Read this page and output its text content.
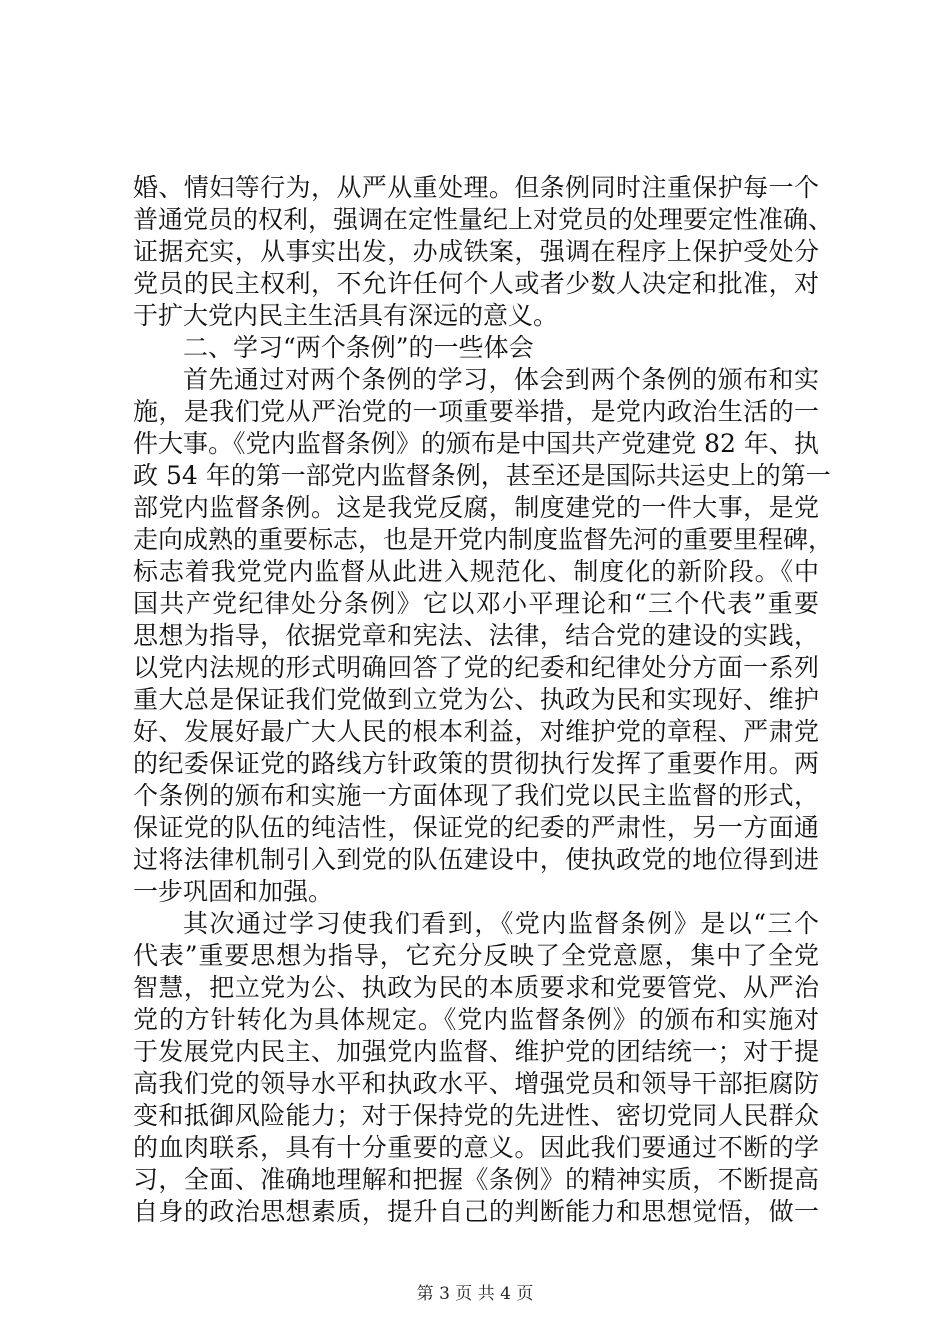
婚、情妇等行为，从严从重处理。但条例同时注重保护每一个
普通党员的权利，强调在定性量纪上对党员的处理要定性准确、
证据充实，从事实出发，办成铁案，强调在程序上保护受处分
党员的民主权利，不允许任何个人或者少数人决定和批准，对
于扩大党内民主生活具有深远的意义。
二、学习“两个条例”的一些体会
首先通过对两个条例的学习，体会到两个条例的颁布和实
施，是我们党从严治党的一项重要举措，是党内政治生活的一
件大事。《党内监督条例》的颁布是中国共产党建党 82 年、执
政 54 年的第一部党内监督条例，甚至还是国际共运史上的第一
部党内监督条例。这是我党反腐，制度建党的一件大事，是党
走向成熟的重要标志，也是开党内制度监督先河的重要里程碑，
标志着我党党内监督从此进入规范化、制度化的新阶段。《中
国共产党纪律处分条例》它以邓小平理论和“三个代表”重要
思想为指导，依据党章和宪法、法律，结合党的建设的实践，
以党内法规的形式明确回答了党的纪委和纪律处分方面一系列
重大总是保证我们党做到立党为公、执政为民和实现好、维护
好、发展好最广大人民的根本利益，对维护党的章程、严肃党
的纪委保证党的路线方针政策的贯彻执行发挥了重要作用。两
个条例的颁布和实施一方面体现了我们党以民主监督的形式，
保证党的队伍的纯洁性，保证党的纪委的严肃性，另一方面通
过将法律机制引入到党的队伍建设中，使执政党的地位得到进
一步巩固和加强。
其次通过学习使我们看到，《党内监督条例》是以“三个
代表”重要思想为指导，它充分反映了全党意愿，集中了全党
智慧，把立党为公、执政为民的本质要求和党要管党、从严治
党的方针转化为具体规定。《党内监督条例》的颁布和实施对
于发展党内民主、加强党内监督、维护党的团结统一；对于提
高我们党的领导水平和执政水平、增强党员和领导干部拒腐防
变和抵御风险能力；对于保持党的先进性、密切党同人民群众
的血肉联系，具有十分重要的意义。因此我们要通过不断的学
习，全面、准确地理解和把握《条例》的精神实质，不断提高
自身的政治思想素质，提升自己的判断能力和思想觉悟，做一
第 3 页 共 4 页
